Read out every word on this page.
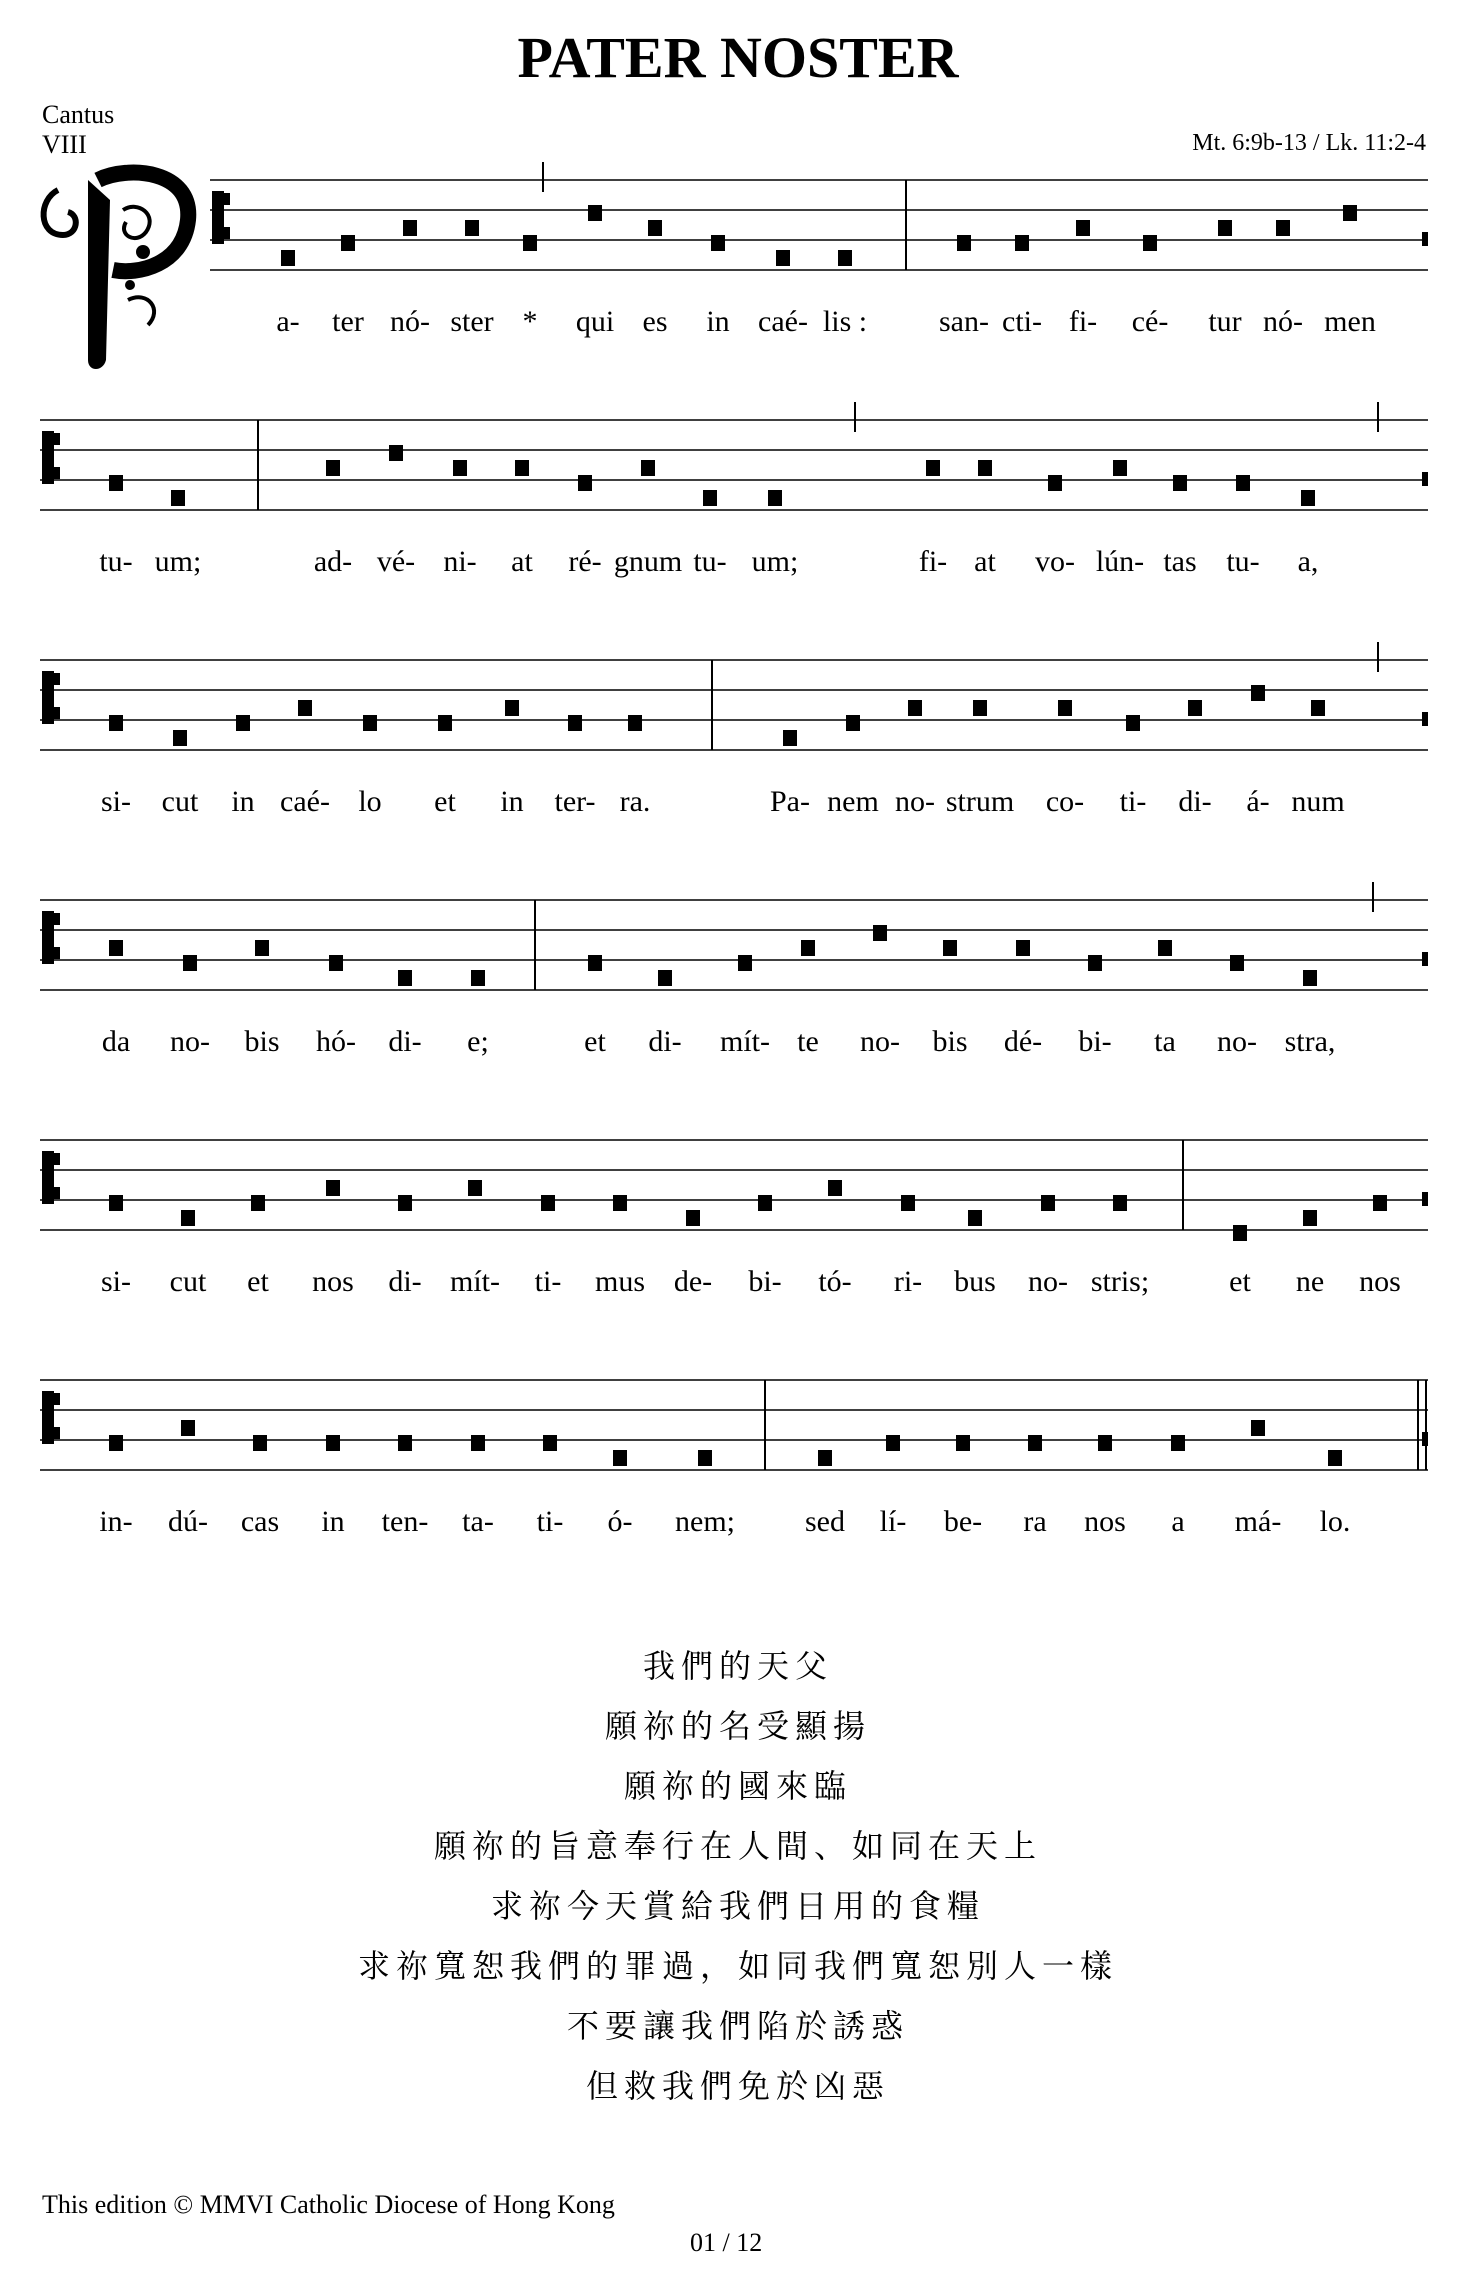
PATER NOSTER
Cantus
VIII	Mt. 6:9b-13 / Lk. 11:2-4
P
a- ter nó- ster * qui es in caé- lis : san- cti- fi- cé- tur nó- men
tu- um;	ad- vé- ni- at ré- gnum tu- um;	fi- at vo- lún- tas tu- a,
si- cut in caé- lo et in ter- ra.	Pa- nem no- strum co- ti- di- á- num
da no- bis hó- di- e;	et di- mít- te no- bis dé- bi- ta no- stra,
si- cut et nos di- mít- ti- mus de- bi- tó- ri- bus no- stris;	et ne nos
in- dú- cas in ten- ta- ti- ó- nem; sed lí- be- ra nos a má- lo.
我們的天父
願祢的名受顯揚
願祢的國來臨
願祢的旨意奉行在人間、如同在天上
求祢今天賞給我們日用的食糧
求祢寬恕我們的罪過，如同我們寬恕別人一樣
不要讓我們陷於誘惑
但救我們免於凶惡
This edition © MMVI Catholic Diocese of Hong Kong
01 / 12
